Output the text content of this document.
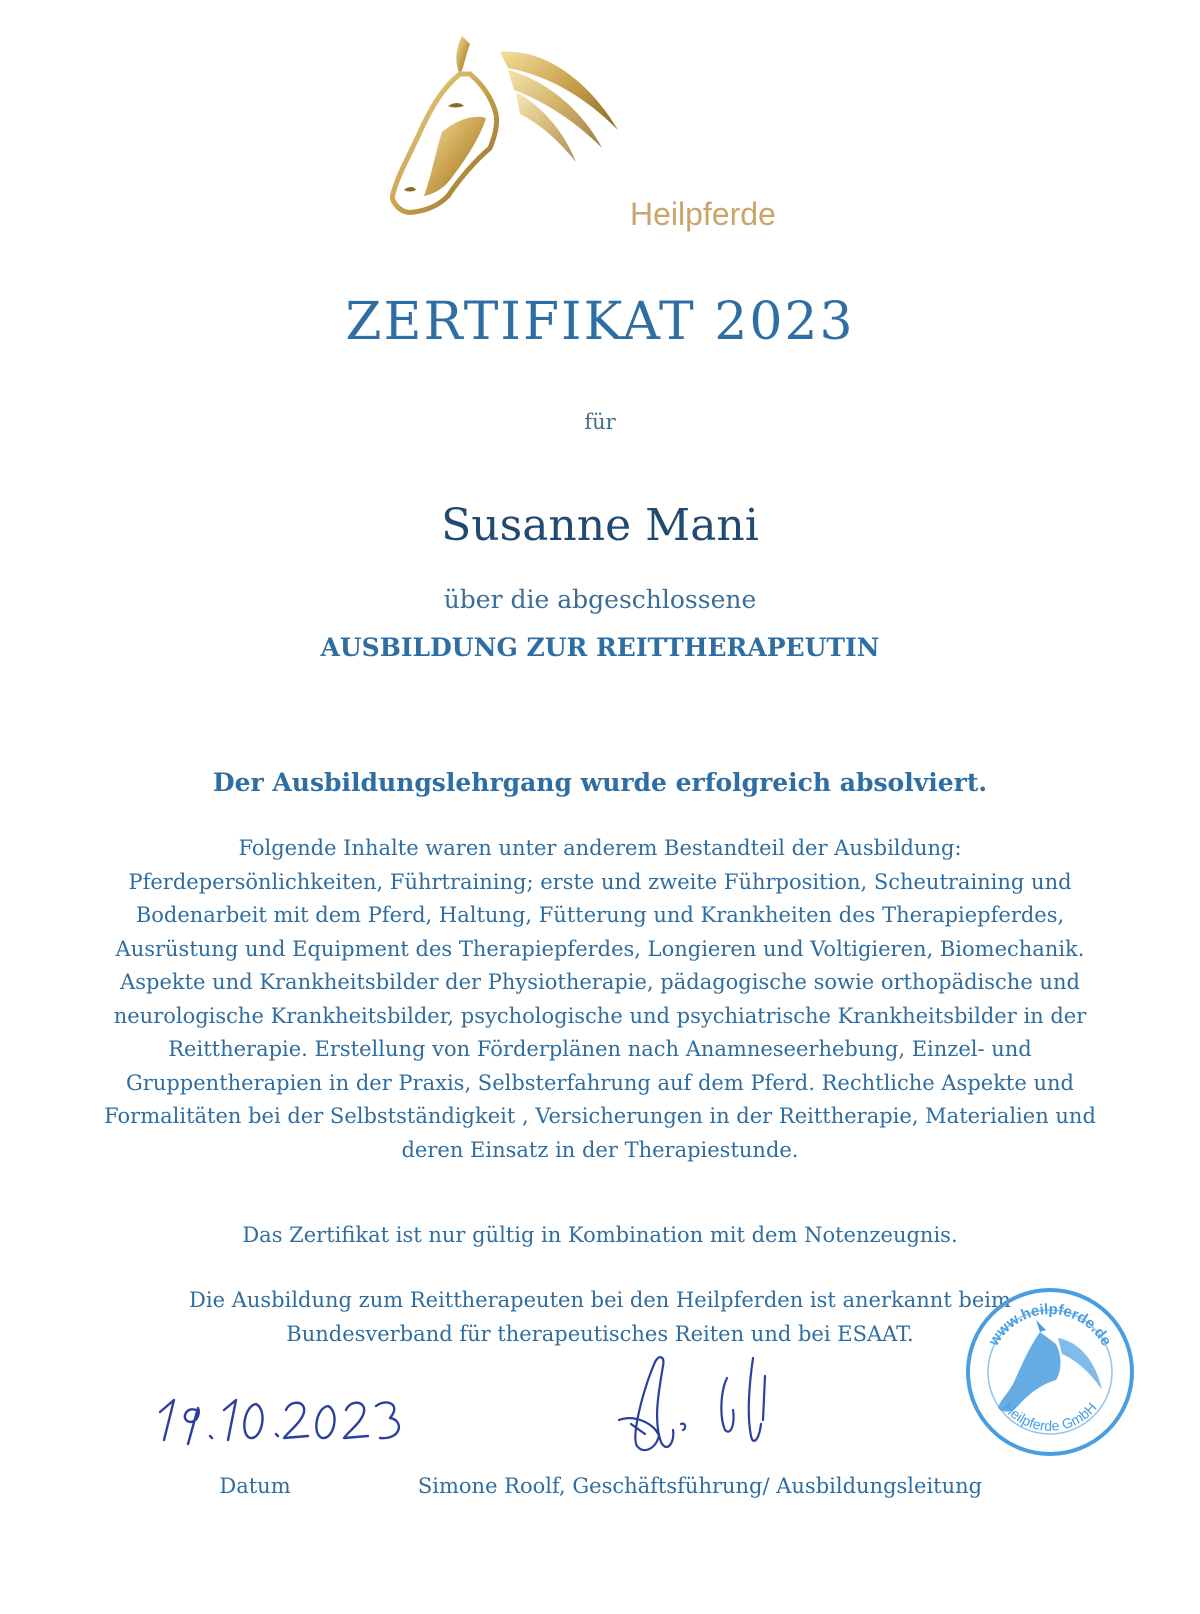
Heilpferde
ZERTIFIKAT 2023
für
Susanne Mani
über die abgeschlossene
AUSBILDUNG ZUR REITTHERAPEUTIN
Der Ausbildungslehrgang wurde erfolgreich absolviert.
Folgende Inhalte waren unter anderem Bestandteil der Ausbildung:
Pferdepersönlichkeiten, Führtraining; erste und zweite Führposition, Scheutraining und
Bodenarbeit mit dem Pferd, Haltung, Fütterung und Krankheiten des Therapiepferdes,
Ausrüstung und Equipment des Therapiepferdes, Longieren und Voltigieren, Biomechanik.
Aspekte und Krankheitsbilder der Physiotherapie, pädagogische sowie orthopädische und
neurologische Krankheitsbilder, psychologische und psychiatrische Krankheitsbilder in der
Reittherapie. Erstellung von Förderplänen nach Anamneseerhebung, Einzel- und
Gruppentherapien in der Praxis, Selbsterfahrung auf dem Pferd. Rechtliche Aspekte und
Formalitäten bei der Selbstständigkeit , Versicherungen in der Reittherapie, Materialien und
deren Einsatz in der Therapiestunde.
Das Zertifikat ist nur gültig in Kombination mit dem Notenzeugnis.
Die Ausbildung zum Reittherapeuten bei den Heilpferden ist anerkannt beim
Bundesverband für therapeutisches Reiten und bei ESAAT.
Datum	Simone Roolf, Geschäftsführung/ Ausbildungsleitung
www.heilpferde.de
Heilpferde GmbH
